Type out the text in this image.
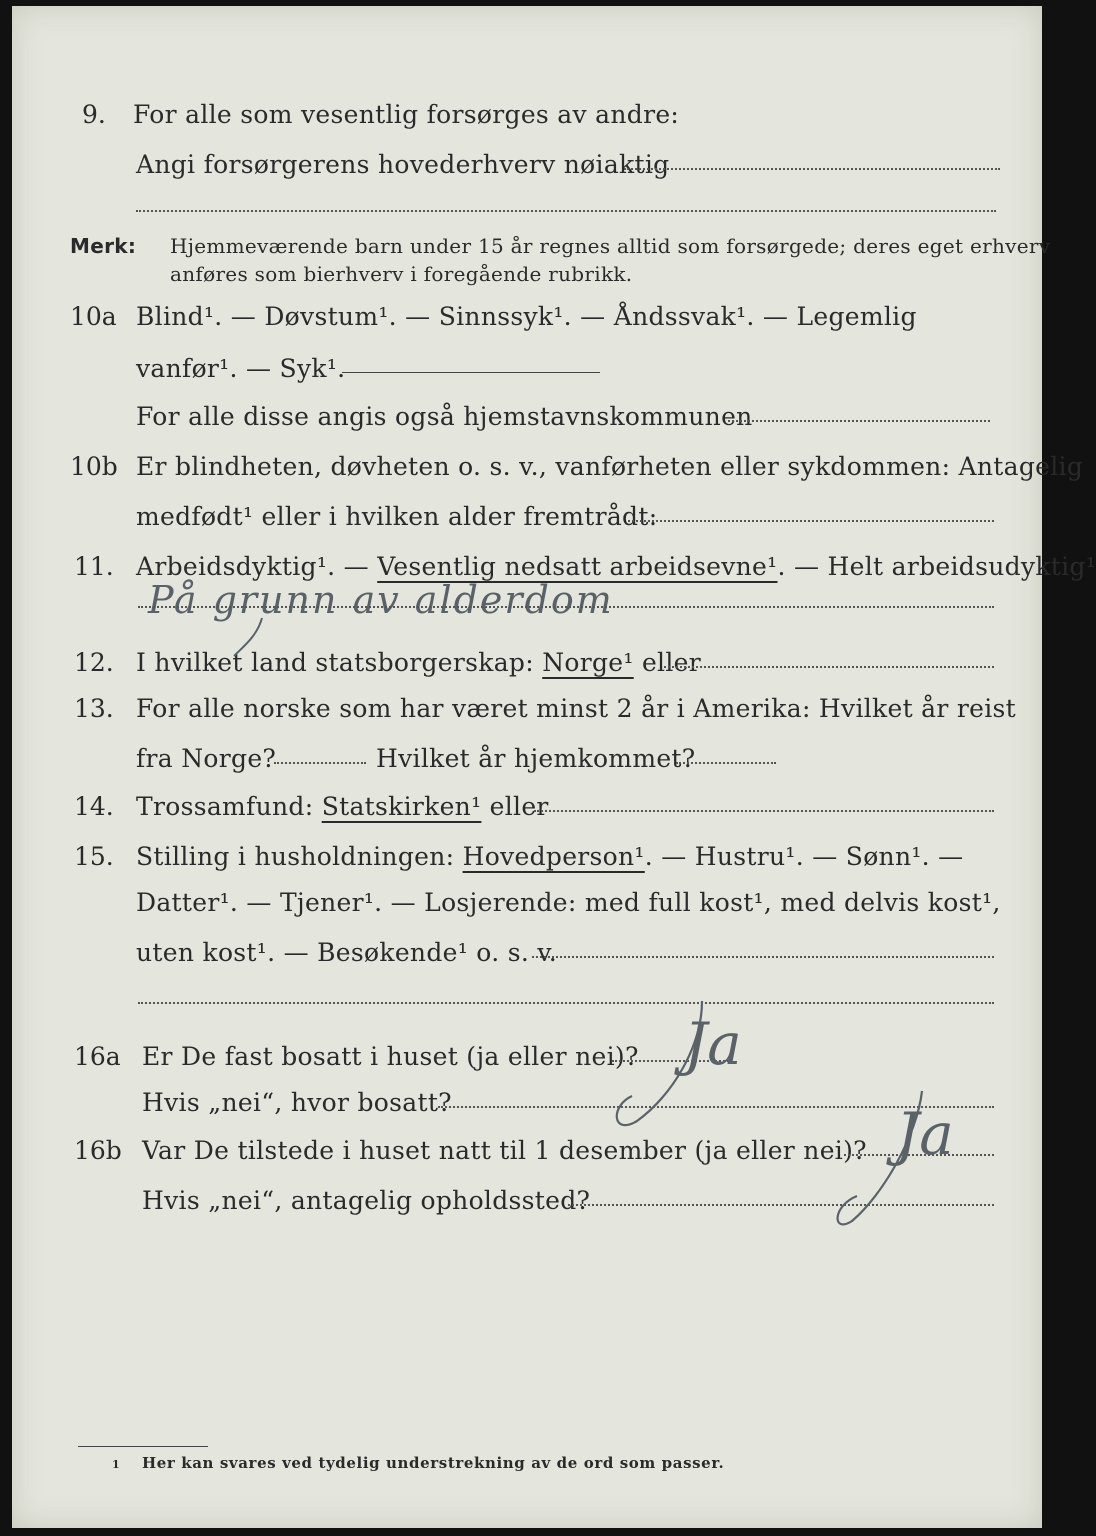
9. For alle som vesentlig forsørges av andre:
Angi forsørgerens hovederhverv nøiaktig
Merk: Hjemmeværende barn under 15 år regnes alltid som forsørgede; deres eget erhverv
anføres som bierhverv i foregående rubrikk.
10a Blind¹. — Døvstum¹. — Sinnssyk¹. — Åndssvak¹. — Legemlig
vanfør¹. — Syk¹.
For alle disse angis også hjemstavnskommunen
10b Er blindheten, døvheten o. s. v., vanførheten eller sykdommen: Antagelig
medfødt¹ eller i hvilken alder fremtrådt:
11. Arbeidsdyktig¹. — Vesentlig nedsatt arbeidsevne¹. — Helt arbeidsudyktig¹
På grunn av alderdom
12. I hvilket land statsborgerskap: Norge¹ eller
13. For alle norske som har været minst 2 år i Amerika: Hvilket år reist
fra Norge?	Hvilket år hjemkommet?
14. Trossamfund: Statskirken¹ eller
15. Stilling i husholdningen: Hovedperson¹. — Hustru¹. — Sønn¹. —
Datter¹. — Tjener¹. — Losjerende: med full kost¹, med delvis kost¹,
uten kost¹. — Besøkende¹ o. s. v.
16a Er De fast bosatt i huset (ja eller nei)? Ja
Hvis „nei“, hvor bosatt?
16b Var De tilstede i huset natt til 1 desember (ja eller nei)? Ja
Hvis „nei“, antagelig opholdssted?
1 Her kan svares ved tydelig understrekning av de ord som passer.
